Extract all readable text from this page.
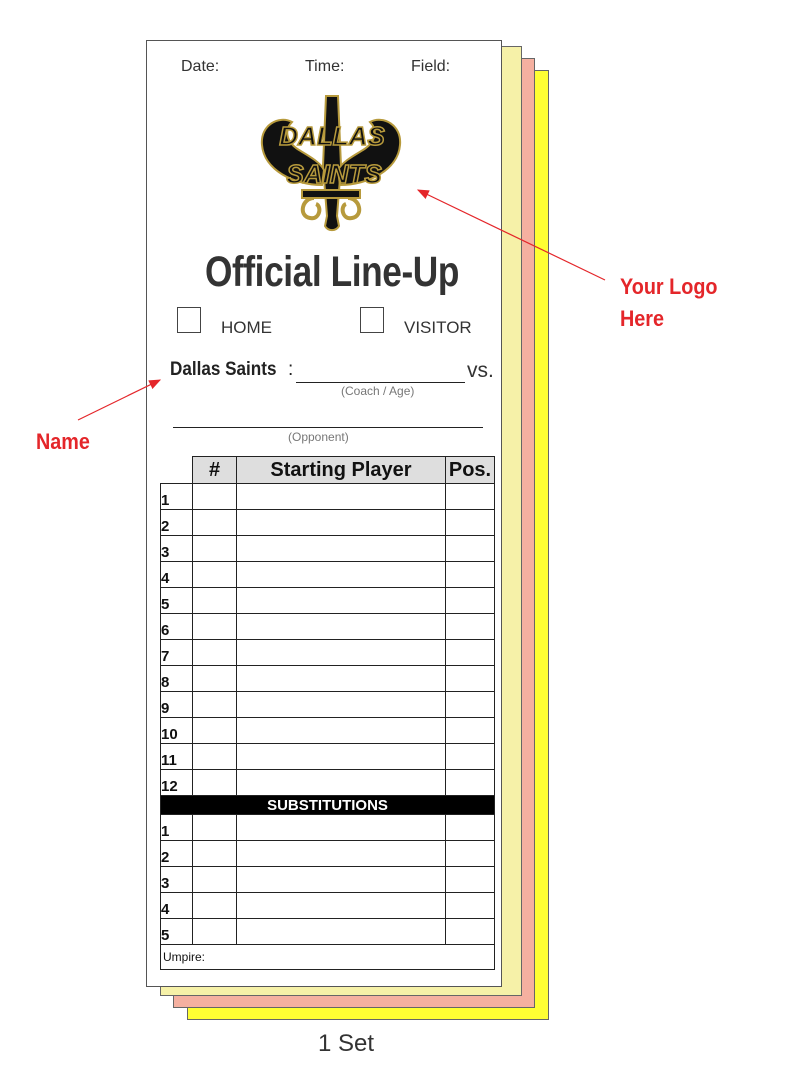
Date:	Time:	Field:
DALLAS
SAINTS
Official Line-Up
HOME	VISITOR
Dallas Saints :	vs.
(Coach / Age)
(Opponent)
	#	Starting Player	Pos.
1			
2			
3			
4			
5			
6			
7			
8			
9			
10			
11			
12			
SUBSTITUTIONS			
1			
2			
3			
4			
5			
Umpire:			
Your Logo
Here
Name
1 Set
